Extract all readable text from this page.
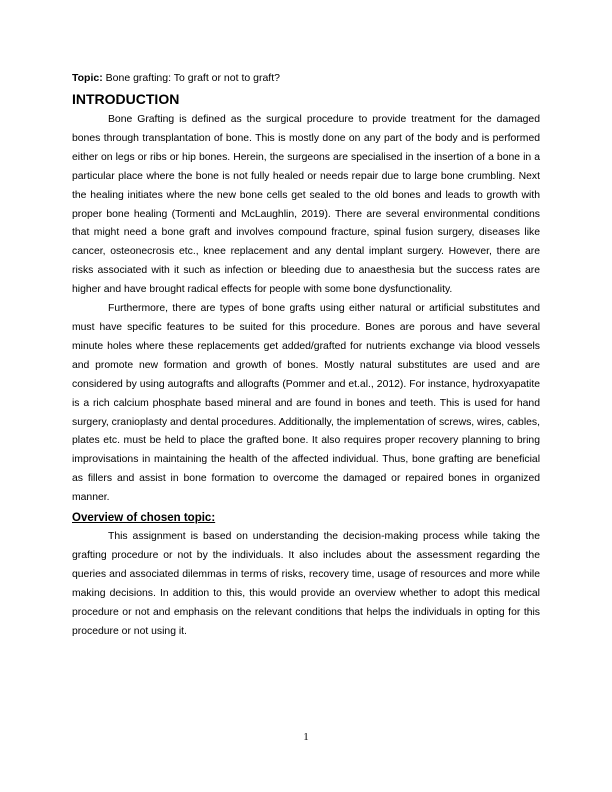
Topic: Bone grafting: To graft or not to graft?

INTRODUCTION

Bone Grafting is defined as the surgical procedure to provide treatment for the damaged bones through transplantation of bone. This is mostly done on any part of the body and is performed either on legs or ribs or hip bones. Herein, the surgeons are specialised in the insertion of a bone in a particular place where the bone is not fully healed or needs repair due to large bone crumbling. Next the healing initiates where the new bone cells get sealed to the old bones and leads to growth with proper bone healing (Tormenti and McLaughlin, 2019). There are several environmental conditions that might need a bone graft and involves compound fracture, spinal fusion surgery, diseases like cancer, osteonecrosis etc., knee replacement and any dental implant surgery. However, there are risks associated with it such as infection or bleeding due to anaesthesia but the success rates are higher and have brought radical effects for people with some bone dysfunctionality.

Furthermore, there are types of bone grafts using either natural or artificial substitutes and must have specific features to be suited for this procedure. Bones are porous and have several minute holes where these replacements get added/grafted for nutrients exchange via blood vessels and promote new formation and growth of bones. Mostly natural substitutes are used and are considered by using autografts and allografts (Pommer and et.al., 2012). For instance, hydroxyapatite is a rich calcium phosphate based mineral and are found in bones and teeth. This is used for hand surgery, cranioplasty and dental procedures. Additionally, the implementation of screws, wires, cables, plates etc. must be held to place the grafted bone. It also requires proper recovery planning to bring improvisations in maintaining the health of the affected individual. Thus, bone grafting are beneficial as fillers and assist in bone formation to overcome the damaged or repaired bones in organized manner.

Overview of chosen topic:

This assignment is based on understanding the decision-making process while taking the grafting procedure or not by the individuals. It also includes about the assessment regarding the queries and associated dilemmas in terms of risks, recovery time, usage of resources and more while making decisions. In addition to this, this would provide an overview whether to adopt this medical procedure or not and emphasis on the relevant conditions that helps the individuals in opting for this procedure or not using it.

1
